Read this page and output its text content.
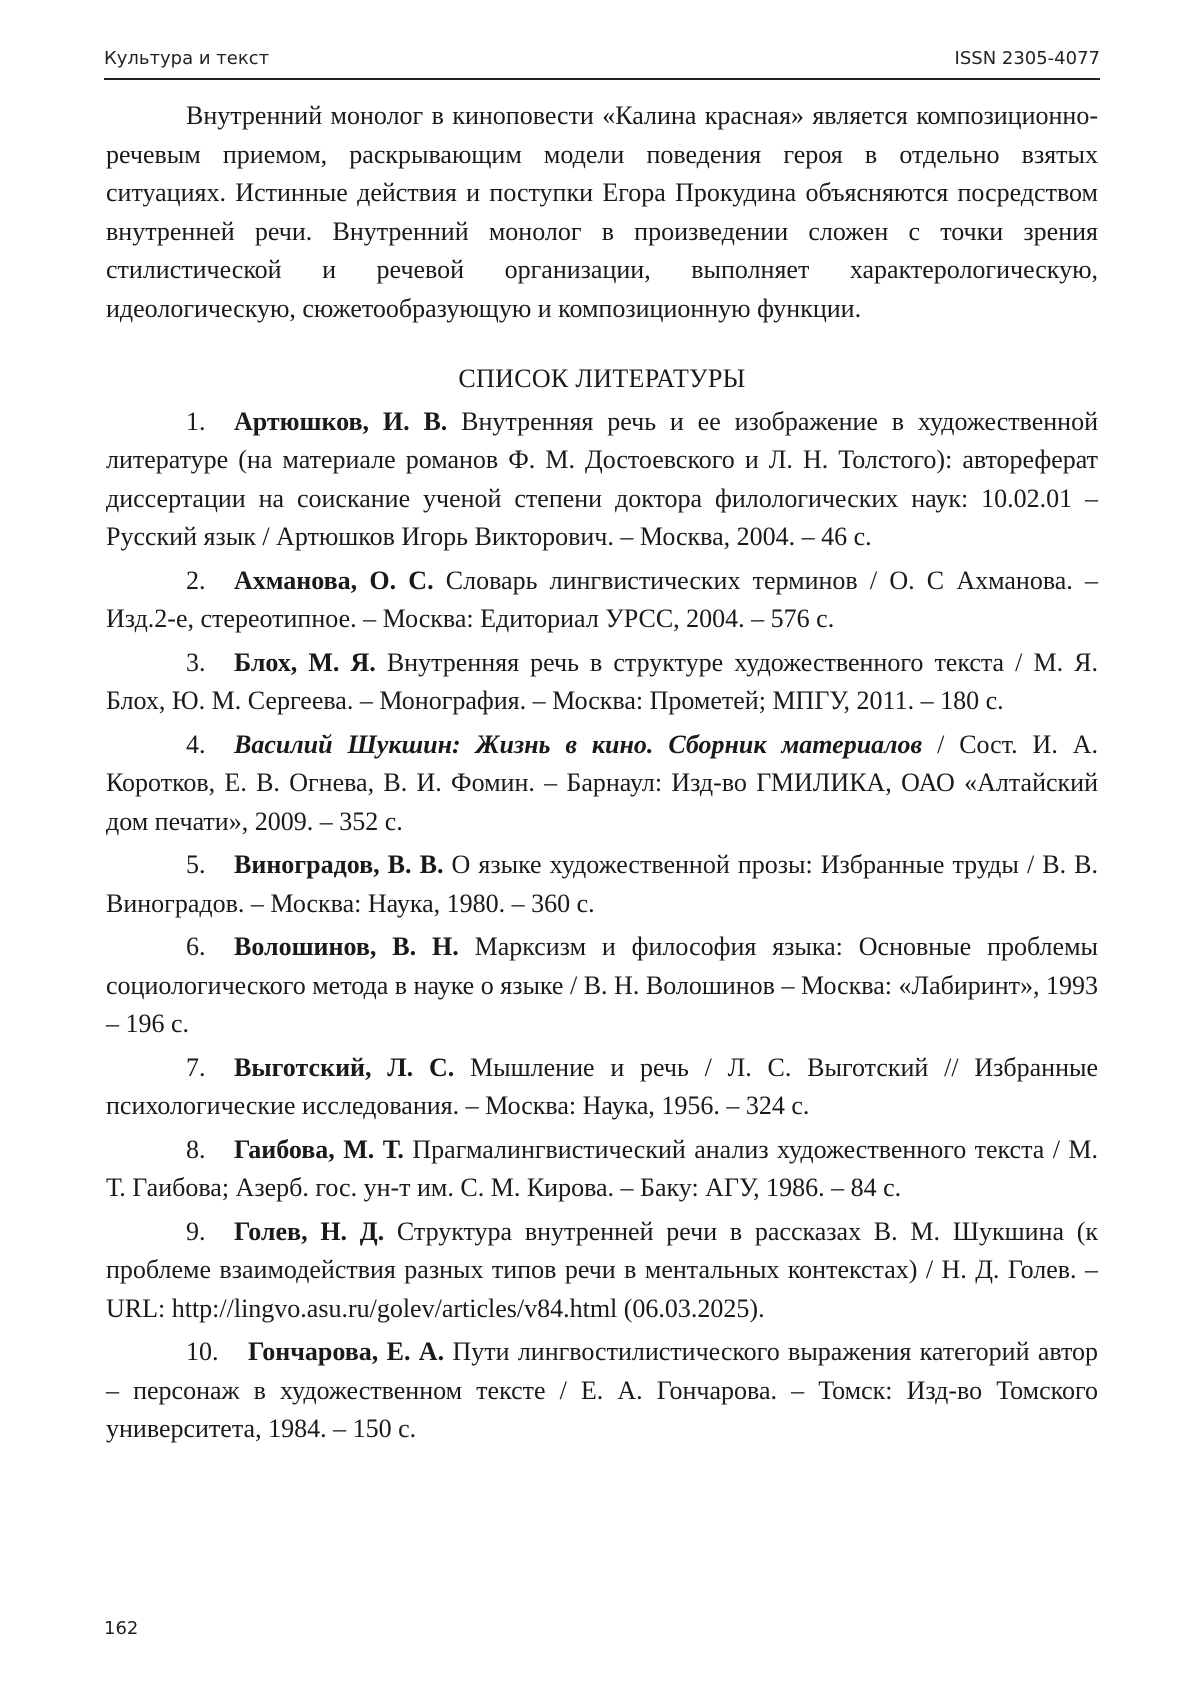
Культура и текст	ISSN 2305-4077

Внутренний монолог в киноповести «Калина красная» является композиционно-речевым приемом, раскрывающим модели поведения героя в отдельно взятых ситуациях. Истинные действия и поступки Егора Прокудина объясняются посредством внутренней речи. Внутренний монолог в произведении сложен с точки зрения стилистической и речевой организации, выполняет характерологическую, идеологическую, сюжетообразующую и композиционную функции.

СПИСОК ЛИТЕРАТУРЫ

1. Артюшков, И. В. Внутренняя речь и ее изображение в художественной литературе (на материале романов Ф. М. Достоевского и Л. Н. Толстого): автореферат диссертации на соискание ученой степени доктора филологических наук: 10.02.01 – Русский язык / Артюшков Игорь Викторович. – Москва, 2004. – 46 с.

2. Ахманова, О. С. Словарь лингвистических терминов / О. С Ахманова. – Изд.2-е, стереотипное. – Москва: Едиториал УРСС, 2004. – 576 с.

3. Блох, М. Я. Внутренняя речь в структуре художественного текста / М. Я. Блох, Ю. М. Сергеева. – Монография. – Москва: Прометей; МПГУ, 2011. – 180 с.

4. Василий Шукшин: Жизнь в кино. Сборник материалов / Сост. И. А. Коротков, Е. В. Огнева, В. И. Фомин. – Барнаул: Изд-во ГМИЛИКА, ОАО «Алтайский дом печати», 2009. – 352 с.

5. Виноградов, В. В. О языке художественной прозы: Избранные труды / В. В. Виноградов. – Москва: Наука, 1980. – 360 с.

6. Волошинов, В. Н. Марксизм и философия языка: Основные проблемы социологического метода в науке о языке / В. Н. Волошинов – Москва: «Лабиринт», 1993 – 196 с.

7. Выготский, Л. С. Мышление и речь / Л. С. Выготский // Избранные психологические исследования. – Москва: Наука, 1956. – 324 с.

8. Гаибова, М. Т. Прагмалингвистический анализ художественного текста / М. Т. Гаибова; Азерб. гос. ун-т им. С. М. Кирова. – Баку: АГУ, 1986. – 84 с.

9. Голев, Н. Д. Структура внутренней речи в рассказах В. М. Шукшина (к проблеме взаимодействия разных типов речи в ментальных контекстах) / Н. Д. Голев. – URL: http://lingvo.asu.ru/golev/articles/v84.html (06.03.2025).

10. Гончарова, Е. А. Пути лингвостилистического выражения категорий автор – персонаж в художественном тексте / Е. А. Гончарова. – Томск: Изд-во Томского университета, 1984. – 150 с.

162
